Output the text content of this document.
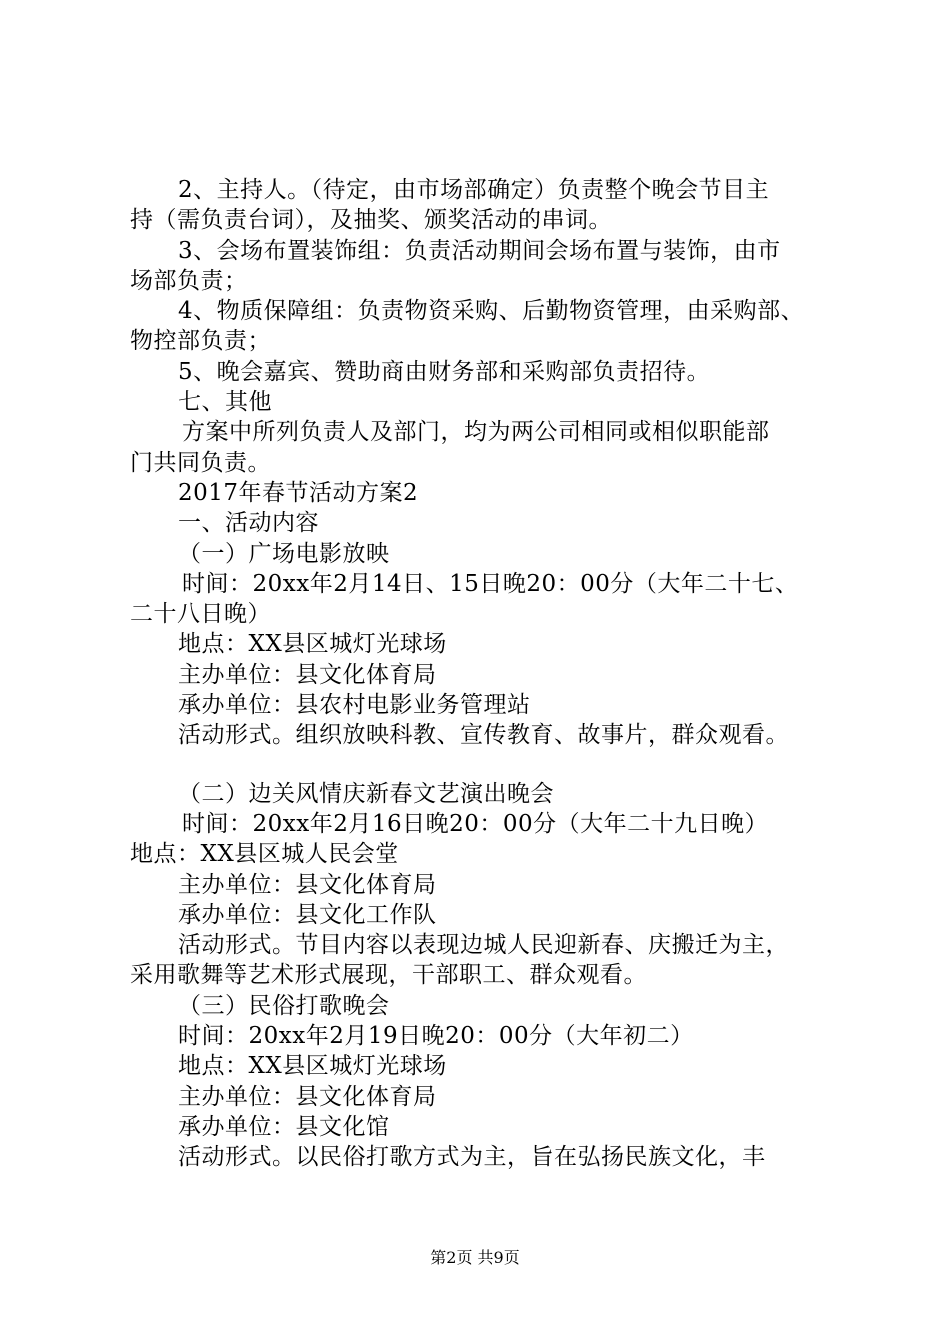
2、主持人。（待定，由市场部确定）负责整个晚会节目主
持（需负责台词），及抽奖、颁奖活动的串词。
3、会场布置装饰组：负责活动期间会场布置与装饰，由市
场部负责；
4、物质保障组：负责物资采购、后勤物资管理，由采购部、
物控部负责；
5、晚会嘉宾、赞助商由财务部和采购部负责招待。
七、其他
方案中所列负责人及部门，均为两公司相同或相似职能部
门共同负责。
2017年春节活动方案2
一、活动内容
（一）广场电影放映
时间：20xx年2月14日、15日晚20：00分（大年二十七、
二十八日晚）
地点：XX县区城灯光球场
主办单位：县文化体育局
承办单位：县农村电影业务管理站
活动形式。组织放映科教、宣传教育、故事片，群众观看。
（二）边关风情庆新春文艺演出晚会
时间：20xx年2月16日晚20：00分（大年二十九日晚）
地点：XX县区城人民会堂
主办单位：县文化体育局
承办单位：县文化工作队
活动形式。节目内容以表现边城人民迎新春、庆搬迁为主，
采用歌舞等艺术形式展现，干部职工、群众观看。
（三）民俗打歌晚会
时间：20xx年2月19日晚20：00分（大年初二）
地点：XX县区城灯光球场
主办单位：县文化体育局
承办单位：县文化馆
活动形式。以民俗打歌方式为主，旨在弘扬民族文化，丰
第2页 共9页
